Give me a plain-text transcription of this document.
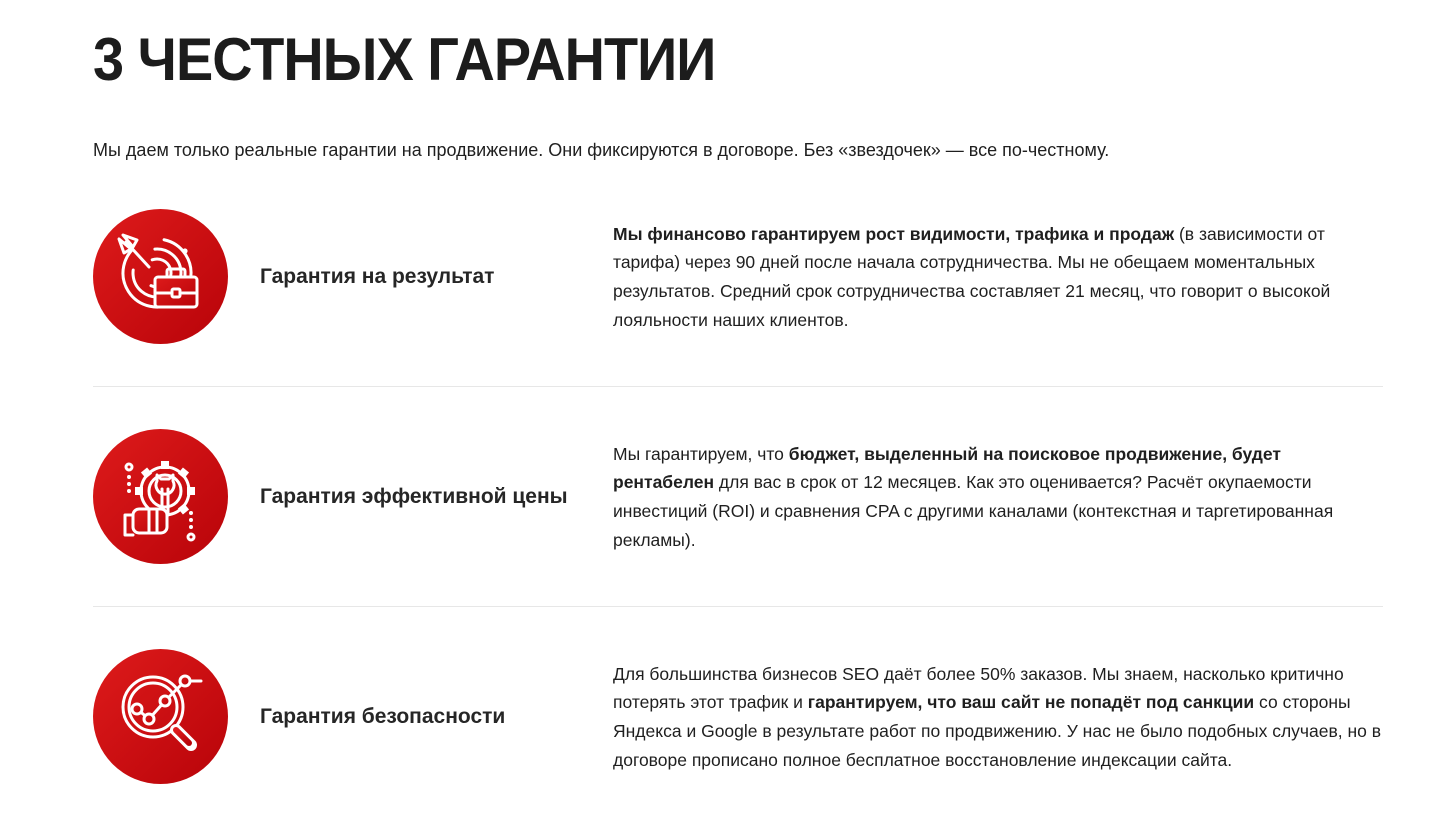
3 ЧЕСТНЫХ ГАРАНТИИ

Мы даем только реальные гарантии на продвижение. Они фиксируются в договоре. Без «звездочек» — все по-честному.

Гарантия на результат
Мы финансово гарантируем рост видимости, трафика и продаж (в зависимости от тарифа) через 90 дней после начала сотрудничества. Мы не обещаем моментальных результатов. Средний срок сотрудничества составляет 21 месяц, что говорит о высокой лояльности наших клиентов.
Гарантия эффективной цены
Мы гарантируем, что бюджет, выделенный на поисковое продвижение, будет рентабелен для вас в срок от 12 месяцев. Как это оценивается? Расчёт окупаемости инвестиций (ROI) и сравнения CPA с другими каналами (контекстная и таргетированная рекламы).
Гарантия безопасности
Для большинства бизнесов SEO даёт более 50% заказов. Мы знаем, насколько критично потерять этот трафик и гарантируем, что ваш сайт не попадёт под санкции со стороны Яндекса и Google в результате работ по продвижению. У нас не было подобных случаев, но в договоре прописано полное бесплатное восстановление индексации сайта.
